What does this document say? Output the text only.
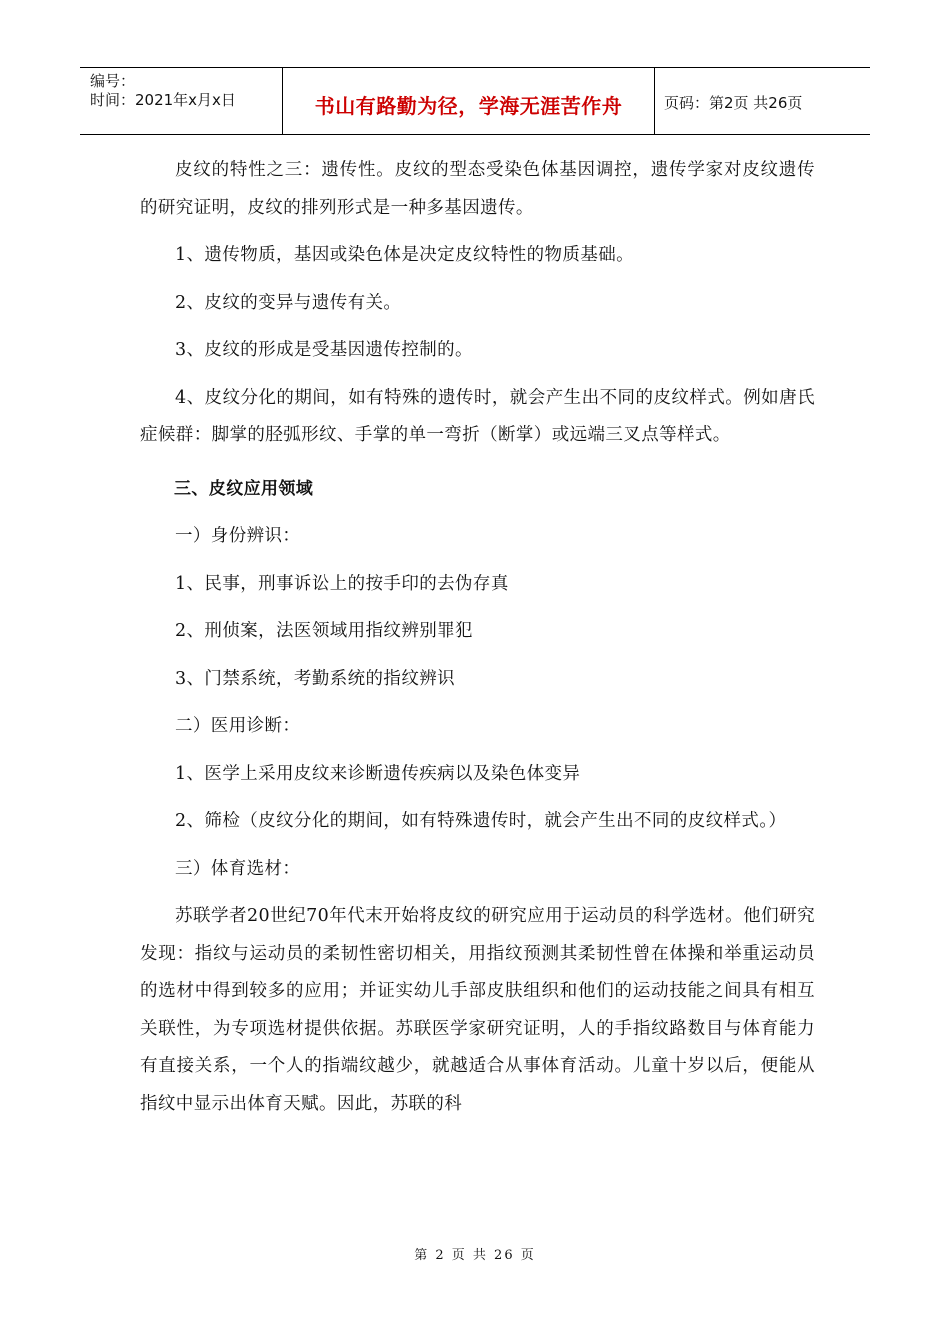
编号：
时间：2021年x月x日	书山有路勤为径，学海无涯苦作舟	页码：第2页 共26页

皮纹的特性之三：遗传性。皮纹的型态受染色体基因调控，遗传学家对皮纹遗传的研究证明，皮纹的排列形式是一种多基因遗传。

1、遗传物质，基因或染色体是决定皮纹特性的物质基础。

2、皮纹的变异与遗传有关。

3、皮纹的形成是受基因遗传控制的。

4、皮纹分化的期间，如有特殊的遗传时，就会产生出不同的皮纹样式。例如唐氏症候群：脚掌的胫弧形纹、手掌的单一弯折（断掌）或远端三叉点等样式。

三、皮纹应用领域

一）身份辨识：

1、民事，刑事诉讼上的按手印的去伪存真

2、刑侦案，法医领域用指纹辨别罪犯

3、门禁系统，考勤系统的指纹辨识

二）医用诊断：

1、医学上采用皮纹来诊断遗传疾病以及染色体变异

2、筛检（皮纹分化的期间，如有特殊遗传时，就会产生出不同的皮纹样式。）

三）体育选材：

苏联学者20世纪70年代末开始将皮纹的研究应用于运动员的科学选材。他们研究发现：指纹与运动员的柔韧性密切相关，用指纹预测其柔韧性曾在体操和举重运动员的选材中得到较多的应用；并证实幼儿手部皮肤组织和他们的运动技能之间具有相互关联性，为专项选材提供依据。苏联医学家研究证明，人的手指纹路数目与体育能力有直接关系，一个人的指端纹越少，就越适合从事体育活动。儿童十岁以后，便能从指纹中显示出体育天赋。因此，苏联的科

第 2 页 共 26 页
